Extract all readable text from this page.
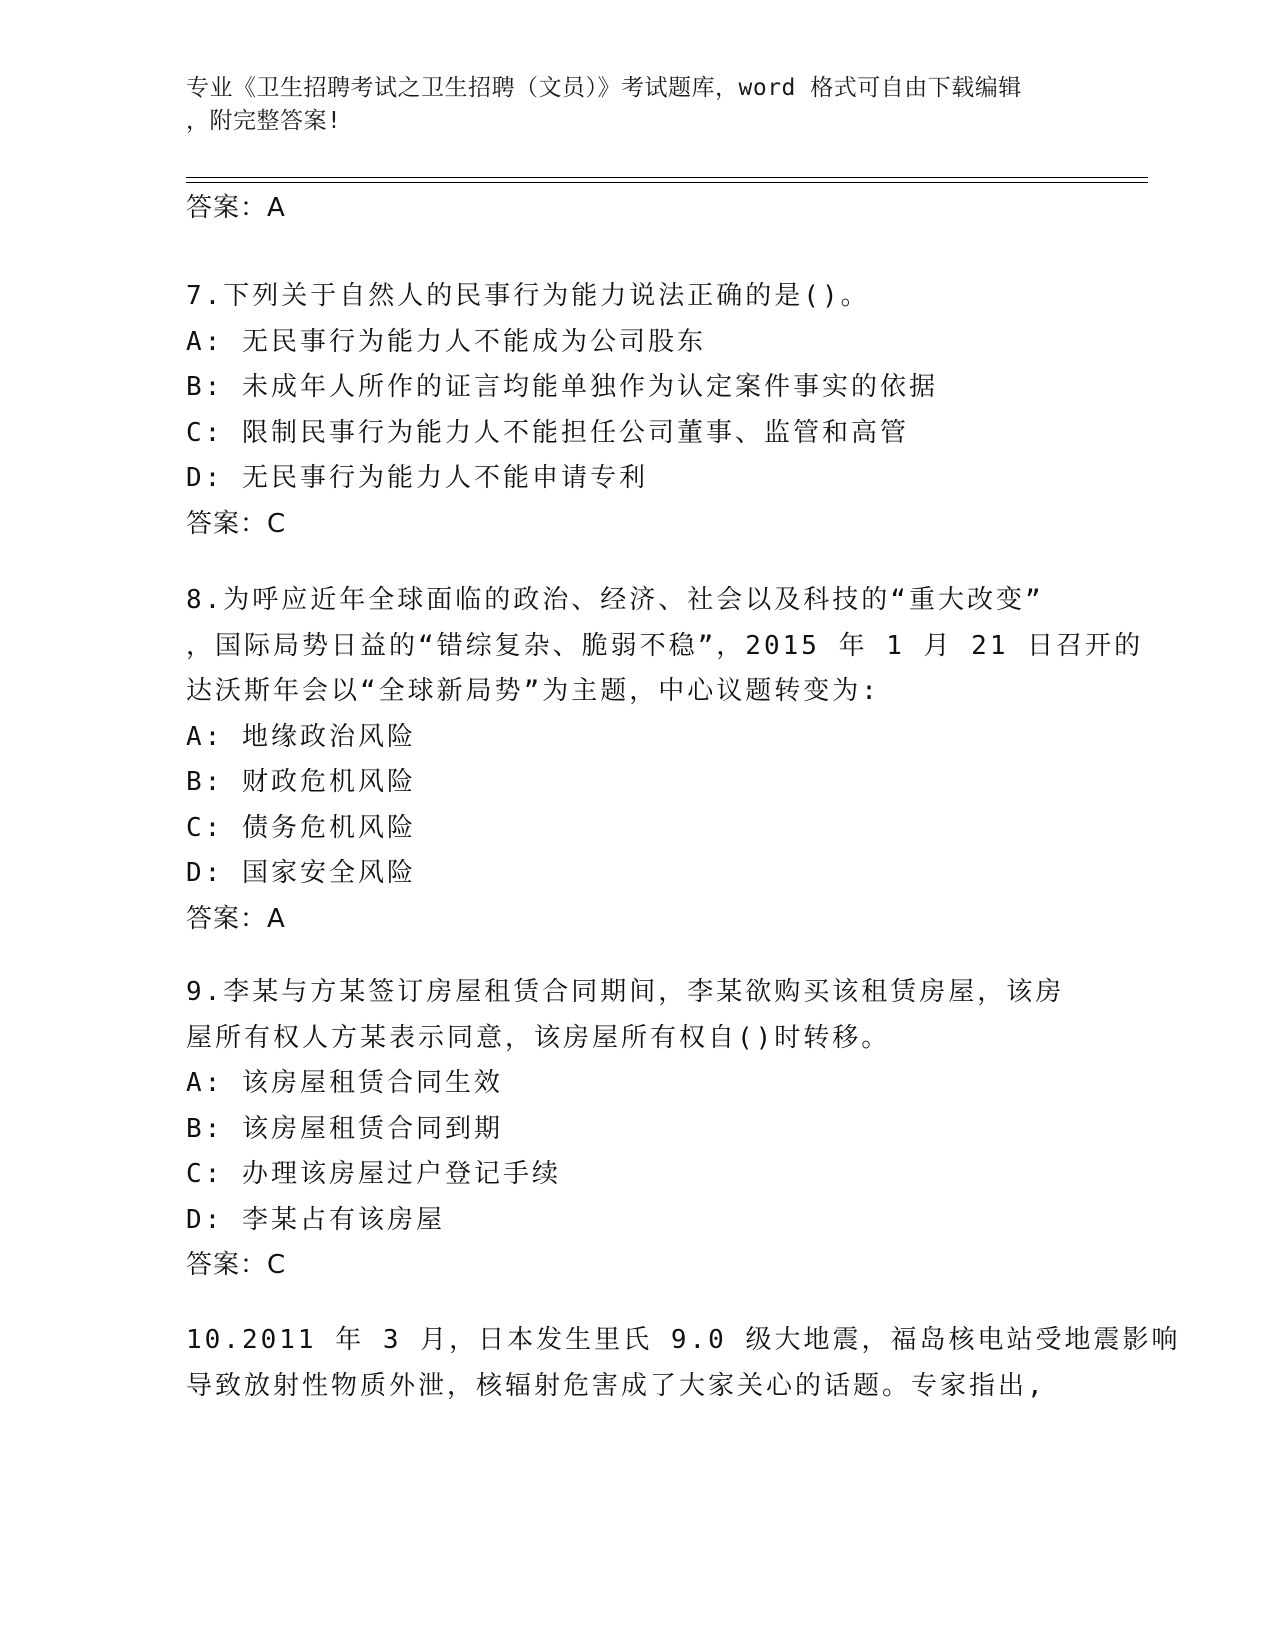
专业《卫生招聘考试之卫生招聘（文员）》考试题库，word 格式可自由下载编辑
，附完整答案!
答案：A
7.下列关于自然人的民事行为能力说法正确的是()。
A: 无民事行为能力人不能成为公司股东
B: 未成年人所作的证言均能单独作为认定案件事实的依据
C: 限制民事行为能力人不能担任公司董事、监管和高管
D: 无民事行为能力人不能申请专利
答案：C
8.为呼应近年全球面临的政治、经济、社会以及科技的“重大改变”
，国际局势日益的“错综复杂、脆弱不稳”，2015 年 1 月 21 日召开的
达沃斯年会以“全球新局势”为主题，中心议题转变为:
A: 地缘政治风险
B: 财政危机风险
C: 债务危机风险
D: 国家安全风险
答案：A
9.李某与方某签订房屋租赁合同期间，李某欲购买该租赁房屋，该房
屋所有权人方某表示同意，该房屋所有权自()时转移。
A: 该房屋租赁合同生效
B: 该房屋租赁合同到期
C: 办理该房屋过户登记手续
D: 李某占有该房屋
答案：C
10.2011 年 3 月，日本发生里氏 9.0 级大地震，福岛核电站受地震影响
导致放射性物质外泄，核辐射危害成了大家关心的话题。专家指出,
